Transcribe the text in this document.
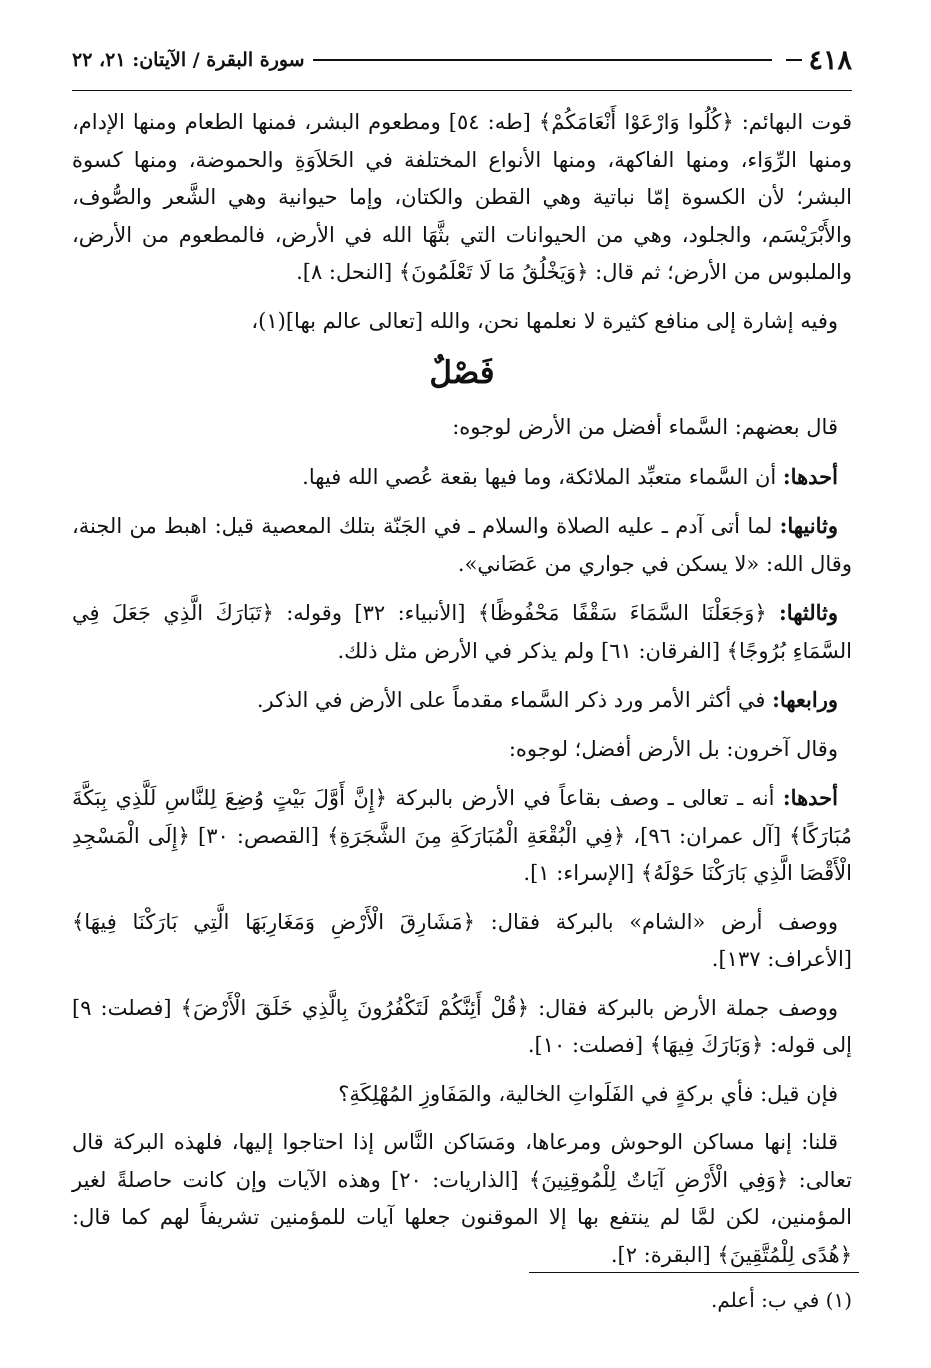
٤١٨
سورة البقرة / الآيتان: ٢١، ٢٢

قوت البهائم: ﴿كُلُوا وَارْعَوْا أَنْعَامَكُمْ﴾ [طه: ٥٤] ومطعوم البشر، فمنها الطعام ومنها الإدام، ومنها الرِّوَاء، ومنها الفاكهة، ومنها الأنواع المختلفة في الحَلاَوَةِ والحموضة، ومنها كسوة البشر؛ لأن الكسوة إمّا نباتية وهي القطن والكتان، وإما حيوانية وهي الشَّعر والصُّوف، والأَبْرَيْسَم، والجلود، وهي من الحيوانات التي بثَّهَا الله في الأرض، فالمطعوم من الأرض، والملبوس من الأرض؛ ثم قال: ﴿وَيَخْلُقُ مَا لَا تَعْلَمُونَ﴾ [النحل: ٨].

وفيه إشارة إلى منافع كثيرة لا نعلمها نحن، والله [تعالى عالم بها](١)،

فَصْلٌ

قال بعضهم: السَّماء أفضل من الأرض لوجوه:

أحدها: أن السَّماء متعبِّد الملائكة، وما فيها بقعة عُصي الله فيها.

وثانيها: لما أتى آدم ـ عليه الصلاة والسلام ـ في الجَنّة بتلك المعصية قيل: اهبط من الجنة، وقال الله: «لا يسكن في جواري من عَصَاني».

وثالثها: ﴿وَجَعَلْنَا السَّمَاءَ سَقْفًا مَحْفُوظًا﴾ [الأنبياء: ٣٢] وقوله: ﴿تَبَارَكَ الَّذِي جَعَلَ فِي السَّمَاءِ بُرُوجًا﴾ [الفرقان: ٦١] ولم يذكر في الأرض مثل ذلك.

ورابعها: في أكثر الأمر ورد ذكر السَّماء مقدماً على الأرض في الذكر.

وقال آخرون: بل الأرض أفضل؛ لوجوه:

أحدها: أنه ـ تعالى ـ وصف بقاعاً في الأرض بالبركة ﴿إِنَّ أَوَّلَ بَيْتٍ وُضِعَ لِلنَّاسِ لَلَّذِي بِبَكَّةَ مُبَارَكًا﴾ [آل عمران: ٩٦]، ﴿فِي الْبُقْعَةِ الْمُبَارَكَةِ مِنَ الشَّجَرَةِ﴾ [القصص: ٣٠] ﴿إِلَى الْمَسْجِدِ الْأَقْصَا الَّذِي بَارَكْنَا حَوْلَهُ﴾ [الإسراء: ١].

ووصف أرض «الشام» بالبركة فقال: ﴿مَشَارِقَ الْأَرْضِ وَمَغَارِبَهَا الَّتِي بَارَكْنَا فِيهَا﴾ [الأعراف: ١٣٧].

ووصف جملة الأرض بالبركة فقال: ﴿قُلْ أَئِنَّكُمْ لَتَكْفُرُونَ بِالَّذِي خَلَقَ الْأَرْضَ﴾ [فصلت: ٩] إلى قوله: ﴿وَبَارَكَ فِيهَا﴾ [فصلت: ١٠].

فإن قيل: فأي بركةٍ في الفَلَواتِ الخالية، والمَفَاوزِ المُهْلِكَةِ؟

قلنا: إنها مساكن الوحوش ومرعاها، ومَسَاكن النَّاس إذا احتاجوا إليها، فلهذه البركة قال تعالى: ﴿وَفِي الْأَرْضِ آيَاتٌ لِلْمُوقِنِينَ﴾ [الذاريات: ٢٠] وهذه الآيات وإن كانت حاصلةً لغير المؤمنين، لكن لمَّا لم ينتفع بها إلا الموقنون جعلها آيات للمؤمنين تشريفاً لهم كما قال: ﴿هُدًى لِلْمُتَّقِينَ﴾ [البقرة: ٢].

(١) في ب: أعلم.
